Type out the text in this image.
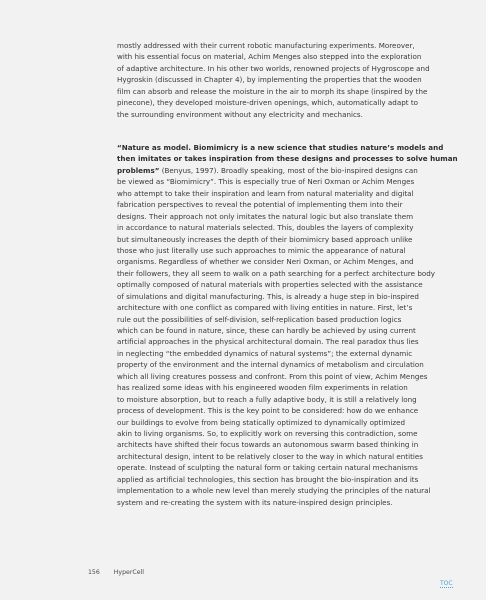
mostly addressed with their current robotic manufacturing experiments. Moreover,
with his essential focus on material, Achim Menges also stepped into the exploration
of adaptive architecture. In his other two worlds, renowned projects of Hygroscope and
Hygroskin (discussed in Chapter 4), by implementing the properties that the wooden
film can absorb and release the moisture in the air to morph its shape (inspired by the
pinecone), they developed moisture-driven openings, which, automatically adapt to
the surrounding environment without any electricity and mechanics.
“Nature as model. Biomimicry is a new science that studies nature’s models and
then imitates or takes inspiration from these designs and processes to solve human
problems” (Benyus, 1997). Broadly speaking, most of the bio-inspired designs can
be viewed as “Biomimicry”. This is especially true of Neri Oxman or Achim Menges
who attempt to take their inspiration and learn from natural materiality and digital
fabrication perspectives to reveal the potential of implementing them into their
designs. Their approach not only imitates the natural logic but also translate them
in accordance to natural materials selected. This, doubles the layers of complexity
but simultaneously increases the depth of their biomimicry based approach unlike
those who just literally use such approaches to mimic the appearance of natural
organisms. Regardless of whether we consider Neri Oxman, or Achim Menges, and
their followers, they all seem to walk on a path searching for a perfect architecture body
optimally composed of natural materials with properties selected with the assistance
of simulations and digital manufacturing. This, is already a huge step in bio-inspired
architecture with one conflict as compared with living entities in nature. First, let’s
rule out the possibilities of self-division, self-replication based production logics
which can be found in nature, since, these can hardly be achieved by using current
artificial approaches in the physical architectural domain. The real paradox thus lies
in neglecting “the embedded dynamics of natural systems”; the external dynamic
property of the environment and the internal dynamics of metabolism and circulation
which all living creatures possess and confront. From this point of view, Achim Menges
has realized some ideas with his engineered wooden film experiments in relation
to moisture absorption, but to reach a fully adaptive body, it is still a relatively long
process of development. This is the key point to be considered: how do we enhance
our buildings to evolve from being statically optimized to dynamically optimized
akin to living organisms. So, to explicitly work on reversing this contradiction, some
architects have shifted their focus towards an autonomous swarm based thinking in
architectural design, intent to be relatively closer to the way in which natural entities
operate. Instead of sculpting the natural form or taking certain natural mechanisms
applied as artificial technologies, this section has brought the bio-inspiration and its
implementation to a whole new level than merely studying the principles of the natural
system and re-creating the system with its nature-inspired design principles.
156 HyperCell
TOC
